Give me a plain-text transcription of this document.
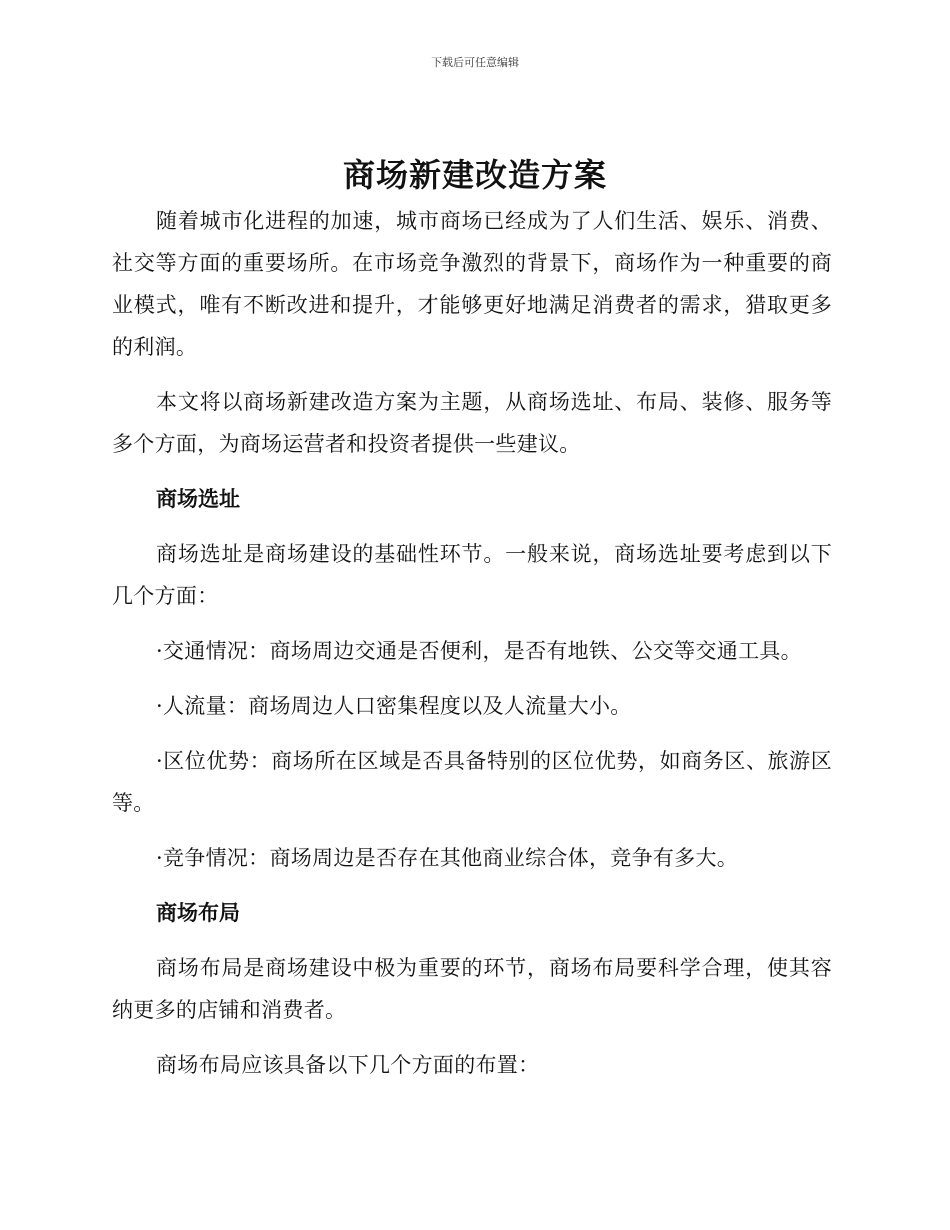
下载后可任意编辑
商场新建改造方案

随着城市化进程的加速，城市商场已经成为了人们生活、娱乐、消费、社交等方面的重要场所。在市场竞争激烈的背景下，商场作为一种重要的商业模式，唯有不断改进和提升，才能够更好地满足消费者的需求，猎取更多的利润。

本文将以商场新建改造方案为主题，从商场选址、布局、装修、服务等多个方面，为商场运营者和投资者提供一些建议。

商场选址

商场选址是商场建设的基础性环节。一般来说，商场选址要考虑到以下几个方面：

·交通情况：商场周边交通是否便利，是否有地铁、公交等交通工具。

·人流量：商场周边人口密集程度以及人流量大小。

·区位优势：商场所在区域是否具备特别的区位优势，如商务区、旅游区等。

·竞争情况：商场周边是否存在其他商业综合体，竞争有多大。

商场布局

商场布局是商场建设中极为重要的环节，商场布局要科学合理，使其容纳更多的店铺和消费者。

商场布局应该具备以下几个方面的布置：
